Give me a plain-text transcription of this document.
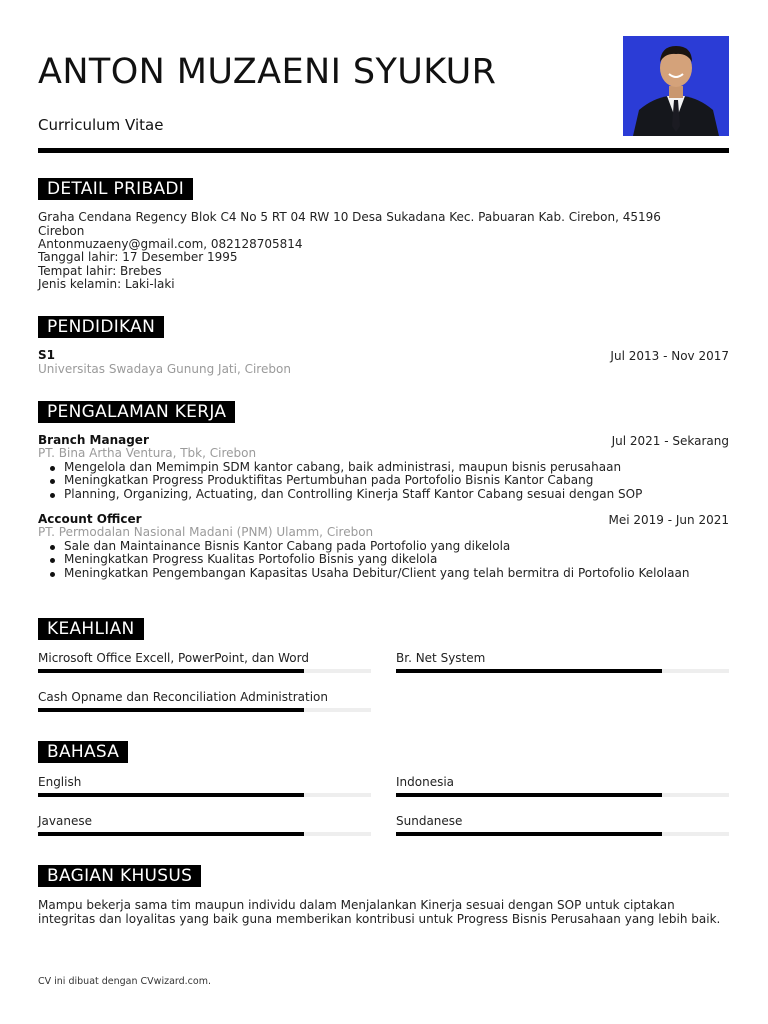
ANTON MUZAENI SYUKUR
Curriculum Vitae
DETAIL PRIBADI
Graha Cendana Regency Blok C4 No 5 RT 04 RW 10 Desa Sukadana Kec. Pabuaran Kab. Cirebon, 45196 Cirebon
Antonmuzaeny@gmail.com, 082128705814
Tanggal lahir: 17 Desember 1995
Tempat lahir: Brebes
Jenis kelamin: Laki-laki
PENDIDIKAN
S1	Jul 2013 - Nov 2017
Universitas Swadaya Gunung Jati, Cirebon
PENGALAMAN KERJA
Branch Manager	Jul 2021 - Sekarang
PT. Bina Artha Ventura, Tbk, Cirebon
Mengelola dan Memimpin SDM kantor cabang, baik administrasi, maupun bisnis perusahaan
Meningkatkan Progress Produktifitas Pertumbuhan pada Portofolio Bisnis Kantor Cabang
Planning, Organizing, Actuating, dan Controlling Kinerja Staff Kantor Cabang sesuai dengan SOP
Account Officer	Mei 2019 - Jun 2021
PT. Permodalan Nasional Madani (PNM) Ulamm, Cirebon
Sale dan Maintainance Bisnis Kantor Cabang pada Portofolio yang dikelola
Meningkatkan Progress Kualitas Portofolio Bisnis yang dikelola
Meningkatkan Pengembangan Kapasitas Usaha Debitur/Client yang telah bermitra di Portofolio Kelolaan
KEAHLIAN
Microsoft Office Excell, PowerPoint, dan Word	Br. Net System
Cash Opname dan Reconciliation Administration
BAHASA
English	Indonesia
Javanese	Sundanese
BAGIAN KHUSUS
Mampu bekerja sama tim maupun individu dalam Menjalankan Kinerja sesuai dengan SOP untuk ciptakan integritas dan loyalitas yang baik guna memberikan kontribusi untuk Progress Bisnis Perusahaan yang lebih baik.
CV ini dibuat dengan CVwizard.com.
